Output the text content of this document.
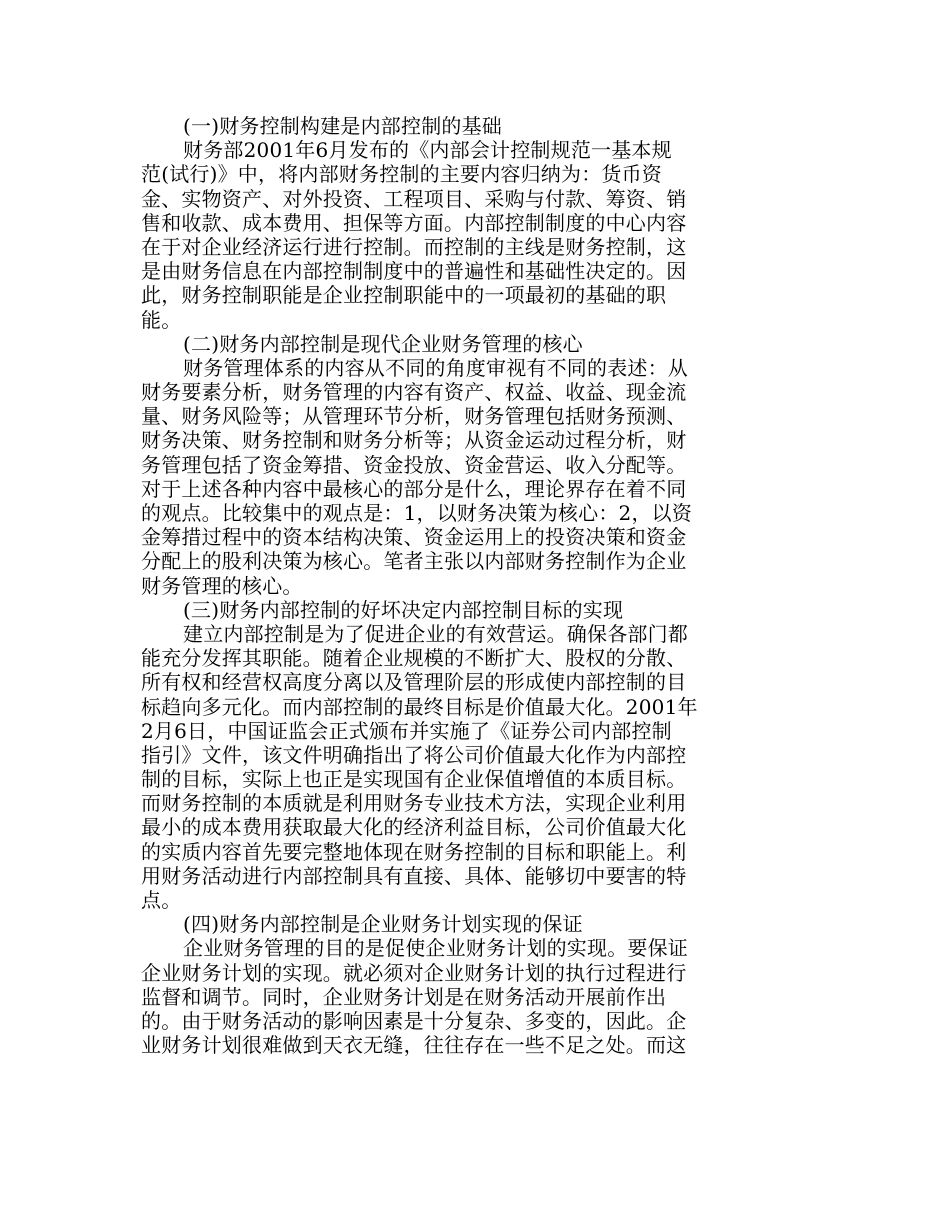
(一)财务控制构建是内部控制的基础
财务部2001年6月发布的《内部会计控制规范一基本规
范(试行)》中，将内部财务控制的主要内容归纳为：货币资
金、实物资产、对外投资、工程项目、采购与付款、筹资、销
售和收款、成本费用、担保等方面。内部控制制度的中心内容
在于对企业经济运行进行控制。而控制的主线是财务控制，这
是由财务信息在内部控制制度中的普遍性和基础性决定的。因
此，财务控制职能是企业控制职能中的一项最初的基础的职
能。
(二)财务内部控制是现代企业财务管理的核心
财务管理体系的内容从不同的角度审视有不同的表述：从
财务要素分析，财务管理的内容有资产、权益、收益、现金流
量、财务风险等；从管理环节分析，财务管理包括财务预测、
财务决策、财务控制和财务分析等；从资金运动过程分析，财
务管理包括了资金筹措、资金投放、资金营运、收入分配等。
对于上述各种内容中最核心的部分是什么，理论界存在着不同
的观点。比较集中的观点是：1，以财务决策为核心：2，以资
金筹措过程中的资本结构决策、资金运用上的投资决策和资金
分配上的股利决策为核心。笔者主张以内部财务控制作为企业
财务管理的核心。
(三)财务内部控制的好坏决定内部控制目标的实现
建立内部控制是为了促进企业的有效营运。确保各部门都
能充分发挥其职能。随着企业规模的不断扩大、股权的分散、
所有权和经营权高度分离以及管理阶层的形成使内部控制的目
标趋向多元化。而内部控制的最终目标是价值最大化。2001年
2月6日，中国证监会正式颁布并实施了《证券公司内部控制
指引》文件，该文件明确指出了将公司价值最大化作为内部控
制的目标，实际上也正是实现国有企业保值增值的本质目标。
而财务控制的本质就是利用财务专业技术方法，实现企业利用
最小的成本费用获取最大化的经济利益目标，公司价值最大化
的实质内容首先要完整地体现在财务控制的目标和职能上。利
用财务活动进行内部控制具有直接、具体、能够切中要害的特
点。
(四)财务内部控制是企业财务计划实现的保证
企业财务管理的目的是促使企业财务计划的实现。要保证
企业财务计划的实现。就必须对企业财务计划的执行过程进行
监督和调节。同时，企业财务计划是在财务活动开展前作出
的。由于财务活动的影响因素是十分复杂、多变的，因此。企
业财务计划很难做到天衣无缝，往往存在一些不足之处。而这
